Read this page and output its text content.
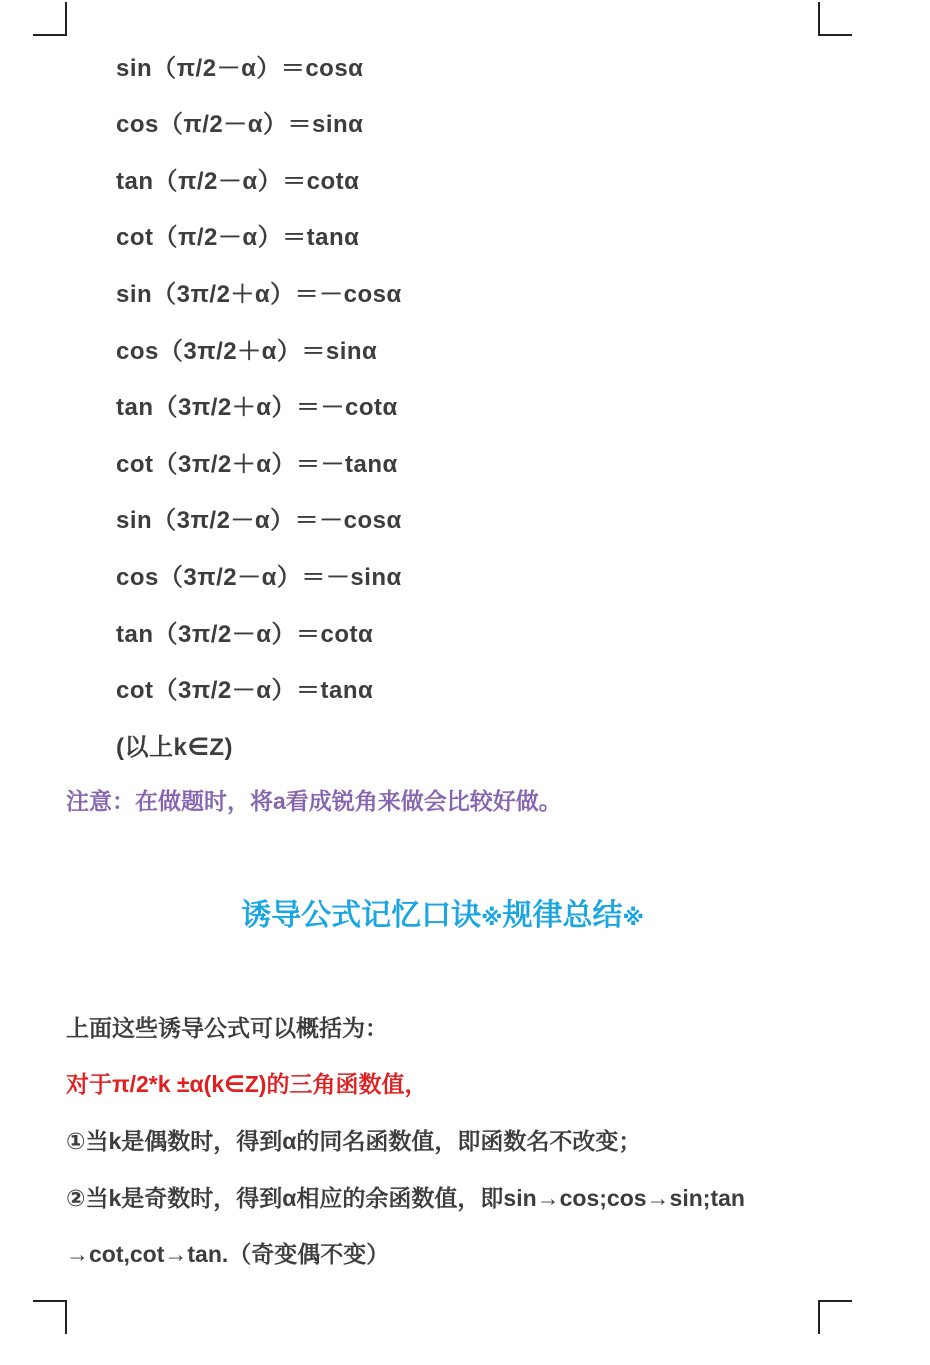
sin（π/2－α）＝cosα
cos（π/2－α）＝sinα
tan（π/2－α）＝cotα
cot（π/2－α）＝tanα
sin（3π/2＋α）＝－cosα
cos（3π/2＋α）＝sinα
tan（3π/2＋α）＝－cotα
cot（3π/2＋α）＝－tanα
sin（3π/2－α）＝－cosα
cos（3π/2－α）＝－sinα
tan（3π/2－α）＝cotα
cot（3π/2－α）＝tanα
(以上k∈Z)
注意：在做题时，将a看成锐角来做会比较好做。
诱导公式记忆口诀※规律总结※
上面这些诱导公式可以概括为：
对于π/2*k ±α(k∈Z)的三角函数值，
①当k是偶数时，得到α的同名函数值，即函数名不改变；
②当k是奇数时，得到α相应的余函数值，即sin→cos;cos→sin;tan
→cot,cot→tan.（奇变偶不变）
